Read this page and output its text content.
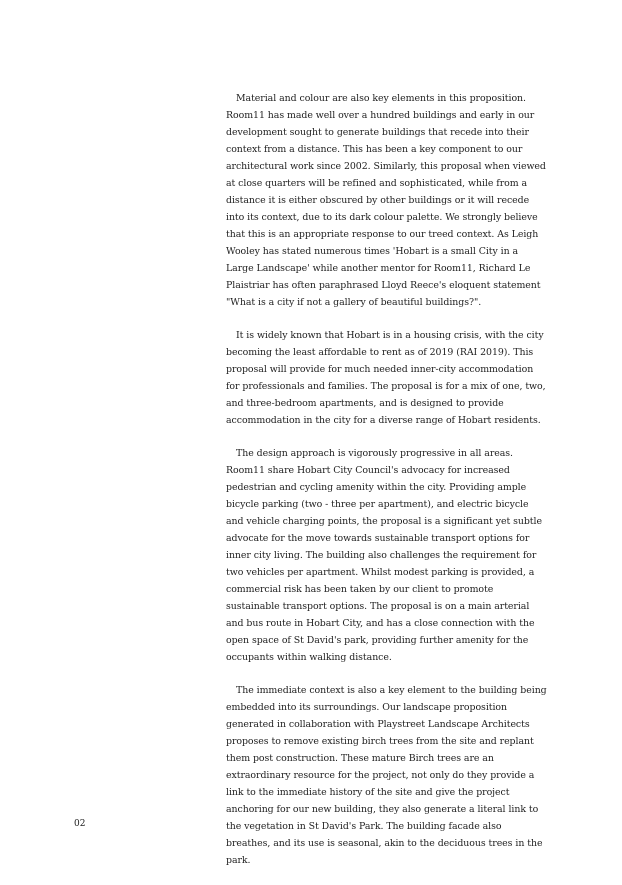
Material and colour are also key elements in this proposition. Room11 has made well over a hundred buildings and early in our development sought to generate buildings that recede into their context from a distance. This has been a key component to our architectural work since 2002. Similarly, this proposal when viewed at close quarters will be refined and sophisticated, while from a distance it is either obscured by other buildings or it will recede into its context, due to its dark colour palette. We strongly believe that this is an appropriate response to our treed context. As Leigh Wooley has stated numerous times 'Hobart is a small City in a Large Landscape' while another mentor for Room11, Richard Le Plaistriar has often paraphrased Lloyd Reece's eloquent statement "What is a city if not a gallery of beautiful buildings?".

It is widely known that Hobart is in a housing crisis, with the city becoming the least affordable to rent as of 2019 (RAI 2019). This proposal will provide for much needed inner-city accommodation for professionals and families. The proposal is for a mix of one, two, and three-bedroom apartments, and is designed to provide accommodation in the city for a diverse range of Hobart residents.

The design approach is vigorously progressive in all areas. Room11 share Hobart City Council's advocacy for increased pedestrian and cycling amenity within the city. Providing ample bicycle parking (two - three per apartment), and electric bicycle and vehicle charging points, the proposal is a significant yet subtle advocate for the move towards sustainable transport options for inner city living. The building also challenges the requirement for two vehicles per apartment. Whilst modest parking is provided, a commercial risk has been taken by our client to promote sustainable transport options. The proposal is on a main arterial and bus route in Hobart City, and has a close connection with the open space of St David's park, providing further amenity for the occupants within walking distance.

The immediate context is also a key element to the building being embedded into its surroundings. Our landscape proposition generated in collaboration with Playstreet Landscape Architects proposes to remove existing birch trees from the site and replant them post construction. These mature Birch trees are an extraordinary resource for the project, not only do they provide a link to the immediate history of the site and give the project anchoring for our new building, they also generate a literal link to the vegetation in St David's Park. The building facade also breathes, and its use is seasonal, akin to the deciduous trees in the park.

02
